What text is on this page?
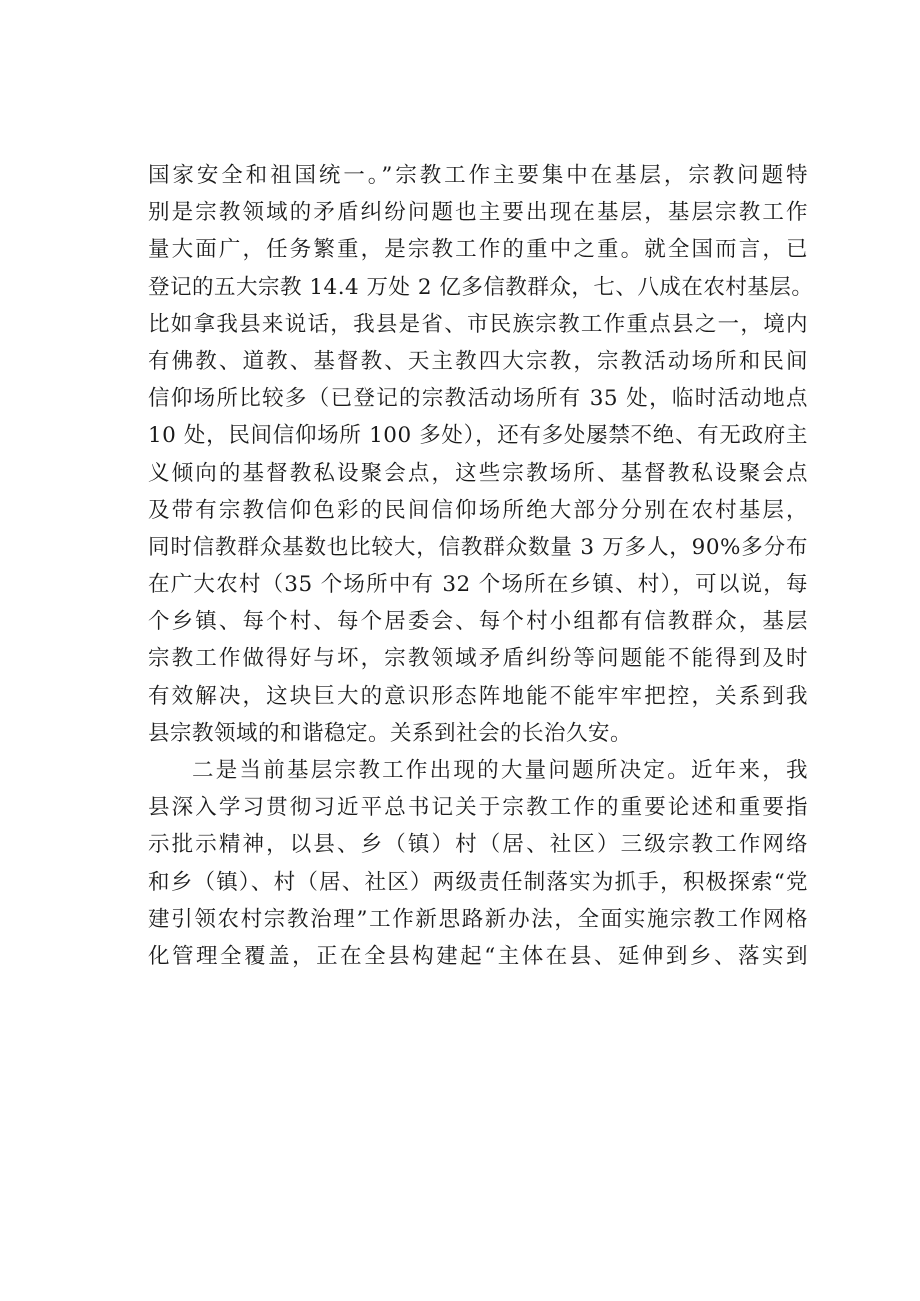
国家安全和祖国统一。”宗教工作主要集中在基层，宗教问题特
别是宗教领域的矛盾纠纷问题也主要出现在基层，基层宗教工作
量大面广，任务繁重，是宗教工作的重中之重。就全国而言，已
登记的五大宗教 14.4 万处 2 亿多信教群众，七、八成在农村基层。
比如拿我县来说话，我县是省、市民族宗教工作重点县之一，境内
有佛教、道教、基督教、天主教四大宗教，宗教活动场所和民间
信仰场所比较多（已登记的宗教活动场所有 35 处，临时活动地点
10 处，民间信仰场所 100 多处），还有多处屡禁不绝、有无政府主
义倾向的基督教私设聚会点，这些宗教场所、基督教私设聚会点
及带有宗教信仰色彩的民间信仰场所绝大部分分别在农村基层，
同时信教群众基数也比较大，信教群众数量 3 万多人，90%多分布
在广大农村（35 个场所中有 32 个场所在乡镇、村），可以说，每
个乡镇、每个村、每个居委会、每个村小组都有信教群众，基层
宗教工作做得好与坏，宗教领域矛盾纠纷等问题能不能得到及时
有效解决，这块巨大的意识形态阵地能不能牢牢把控，关系到我
县宗教领域的和谐稳定。关系到社会的长治久安。
二是当前基层宗教工作出现的大量问题所决定。近年来，我
县深入学习贯彻习近平总书记关于宗教工作的重要论述和重要指
示批示精神，以县、乡（镇）村（居、社区）三级宗教工作网络
和乡（镇）、村（居、社区）两级责任制落实为抓手，积极探索“党
建引领农村宗教治理”工作新思路新办法，全面实施宗教工作网格
化管理全覆盖，正在全县构建起“主体在县、延伸到乡、落实到
